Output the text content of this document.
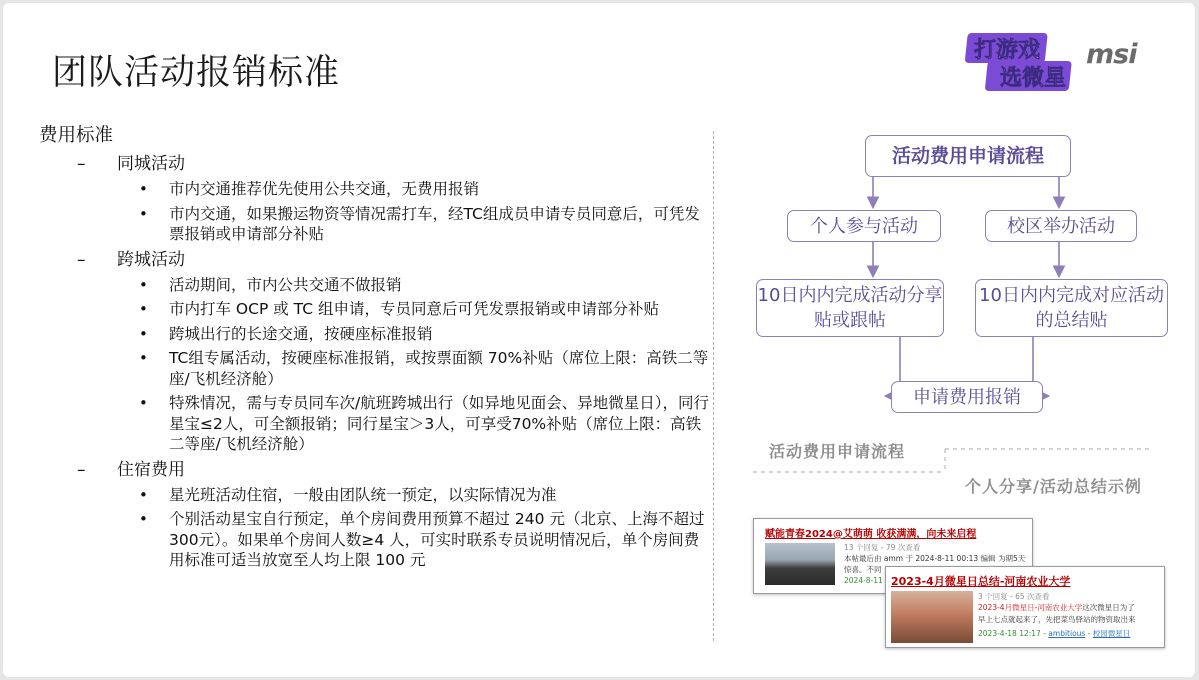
团队活动报销标准
打游戏
选微星
msi
费用标准
– 同城活动
• 市内交通推荐优先使用公共交通，无费用报销
• 市内交通，如果搬运物资等情况需打车，经TC组成员申请专员同意后，可凭发票报销或申请部分补贴
– 跨城活动
• 活动期间，市内公共交通不做报销
• 市内打车 OCP 或 TC 组申请，专员同意后可凭发票报销或申请部分补贴
• 跨城出行的长途交通，按硬座标准报销
• TC组专属活动，按硬座标准报销，或按票面额 70%补贴（席位上限：高铁二等座/飞机经济舱）
• 特殊情况，需与专员同车次/航班跨城出行（如异地见面会、异地微星日），同行星宝≤2人，可全额报销；同行星宝＞3人，可享受70%补贴（席位上限：高铁二等座/飞机经济舱）
– 住宿费用
• 星光班活动住宿，一般由团队统一预定，以实际情况为准
• 个别活动星宝自行预定，单个房间费用预算不超过 240 元（北京、上海不超过 300元）。如果单个房间人数≥4 人，可实时联系专员说明情况后，单个房间费用标准可适当放宽至人均上限 100 元
活动费用申请流程
个人参与活动	校区举办活动
10日内内完成活动分享贴或跟帖
10日内内完成对应活动的总结贴
申请费用报销
活动费用申请流程
个人分享/活动总结示例
赋能青春2024@艾萌萌 收获满满，向未来启程
13 个回复 - 79 次查看
本帖最后由 amm 于 2024-8-11 00:13 编辑 为期5天
惊喜。不同
2024-8-11 2023-4月微星日总结-河南农业大学
3 个回复 - 65 次查看
2023-4月微星日-河南农业大学这次微星日为了
早上七点就起来了，先把菜鸟驿站的物资取出来
2023-4-18 12:17 - ambitious - 校园微星日
